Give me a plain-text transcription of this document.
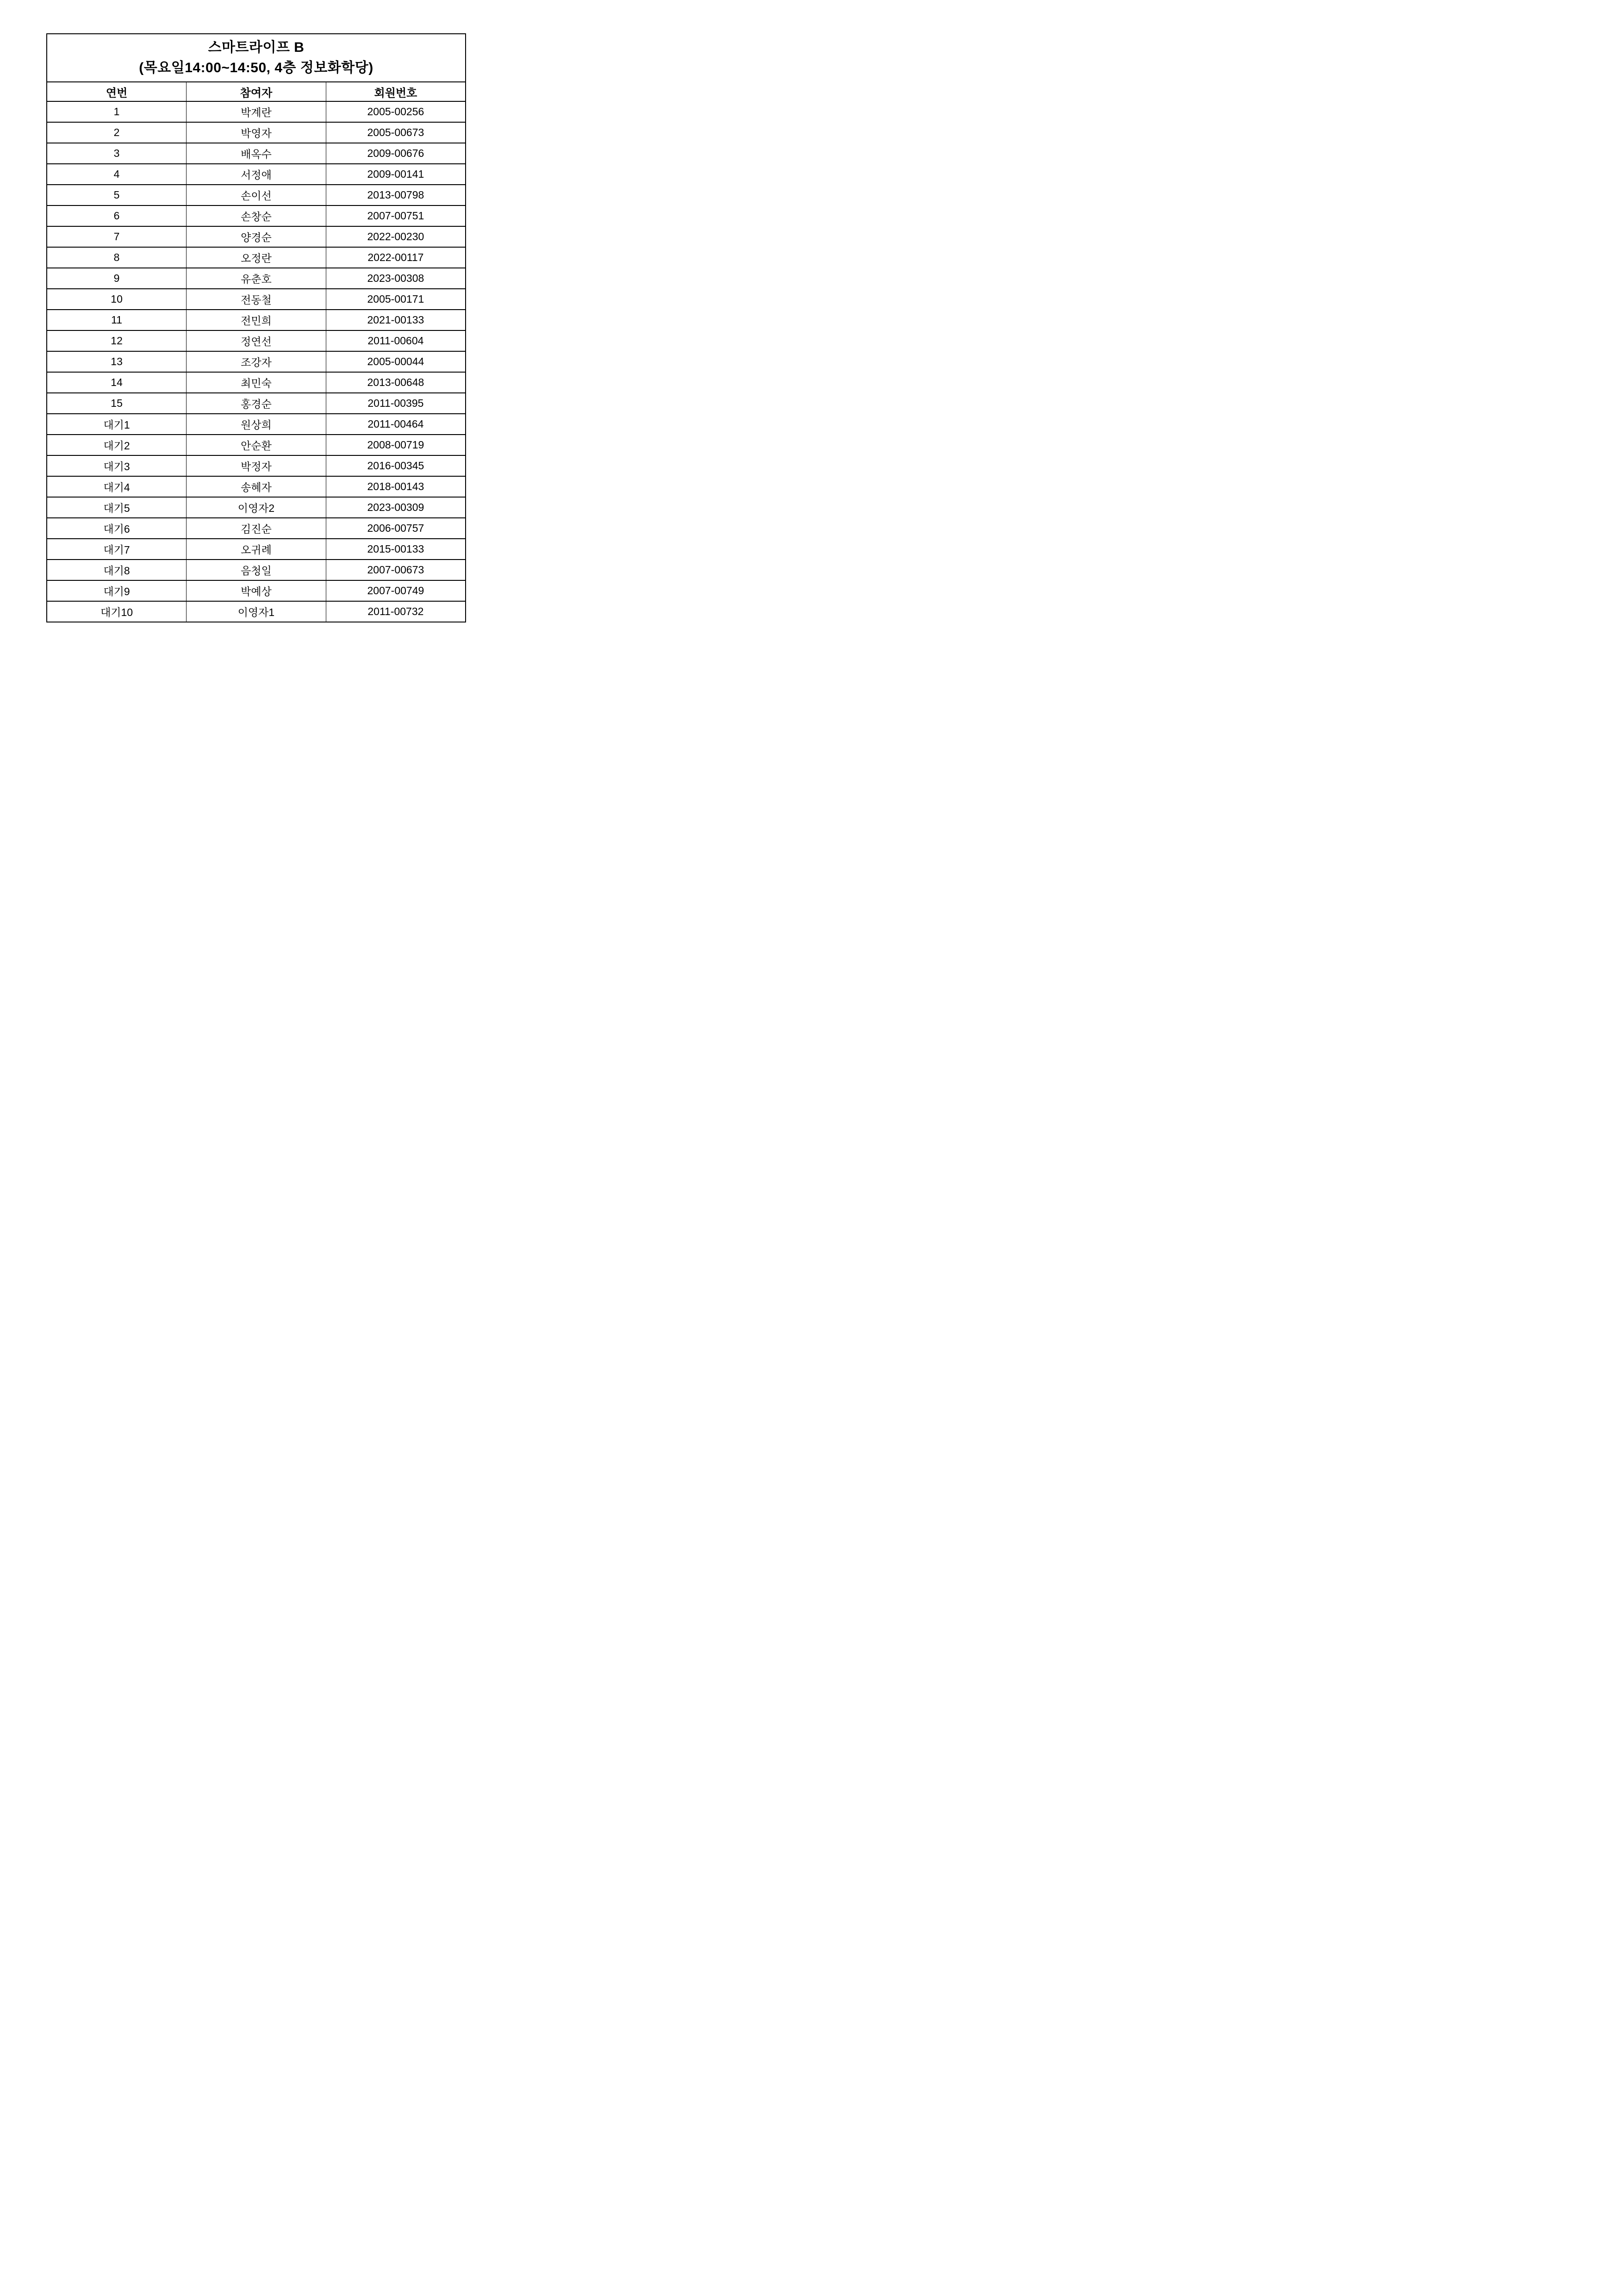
스마트라이프 B
(목요일14:00~14:50, 4층 정보화학당)		

연번	참여자	회원번호
1	박계란	2005-00256
2	박영자	2005-00673
3	배옥수	2009-00676
4	서정애	2009-00141
5	손이선	2013-00798
6	손창순	2007-00751
7	양경순	2022-00230
8	오정란	2022-00117
9	유춘호	2023-00308
10	전동철	2005-00171
11	전민희	2021-00133
12	정연선	2011-00604
13	조강자	2005-00044
14	최민숙	2013-00648
15	홍경순	2011-00395
대기1	원상희	2011-00464
대기2	안순환	2008-00719
대기3	박정자	2016-00345
대기4	송혜자	2018-00143
대기5	이영자2	2023-00309
대기6	김진순	2006-00757
대기7	오귀례	2015-00133
대기8	음청일	2007-00673
대기9	박예상	2007-00749
대기10	이영자1	2011-00732
